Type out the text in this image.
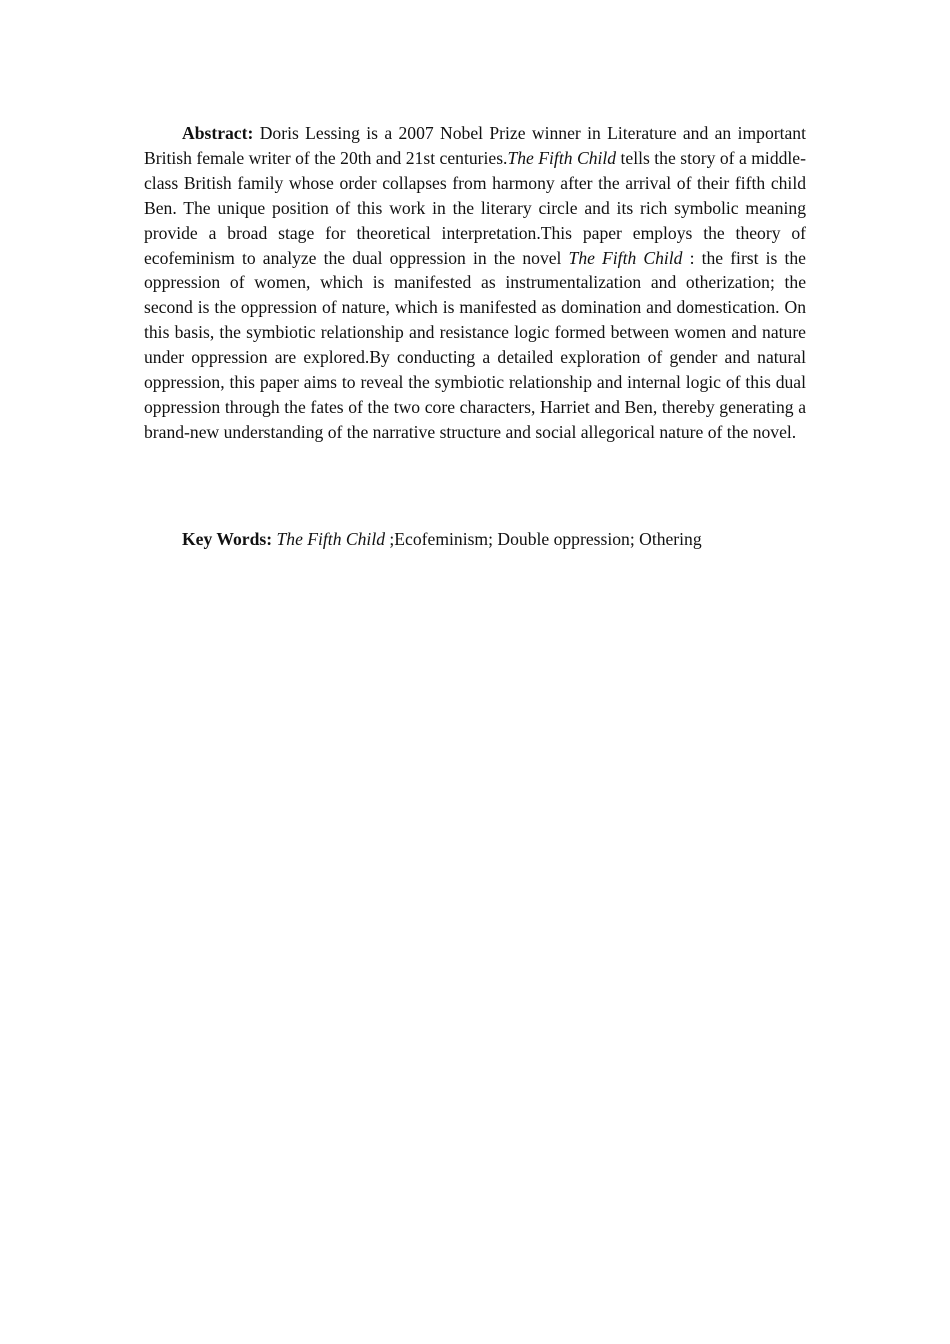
Abstract: Doris Lessing is a 2007 Nobel Prize winner in Literature and an important British female writer of the 20th and 21st centuries.The Fifth Child tells the story of a middle-class British family whose order collapses from harmony after the arrival of their fifth child Ben. The unique position of this work in the literary circle and its rich symbolic meaning provide a broad stage for theoretical interpretation.This paper employs the theory of ecofeminism to analyze the dual oppression in the novel The Fifth Child : the first is the oppression of women, which is manifested as instrumentalization and otherization; the second is the oppression of nature, which is manifested as domination and domestication. On this basis, the symbiotic relationship and resistance logic formed between women and nature under oppression are explored.By conducting a detailed exploration of gender and natural oppression, this paper aims to reveal the symbiotic relationship and internal logic of this dual oppression through the fates of the two core characters, Harriet and Ben, thereby generating a brand-new understanding of the narrative structure and social allegorical nature of the novel.

Key Words: The Fifth Child ;Ecofeminism; Double oppression; Othering
